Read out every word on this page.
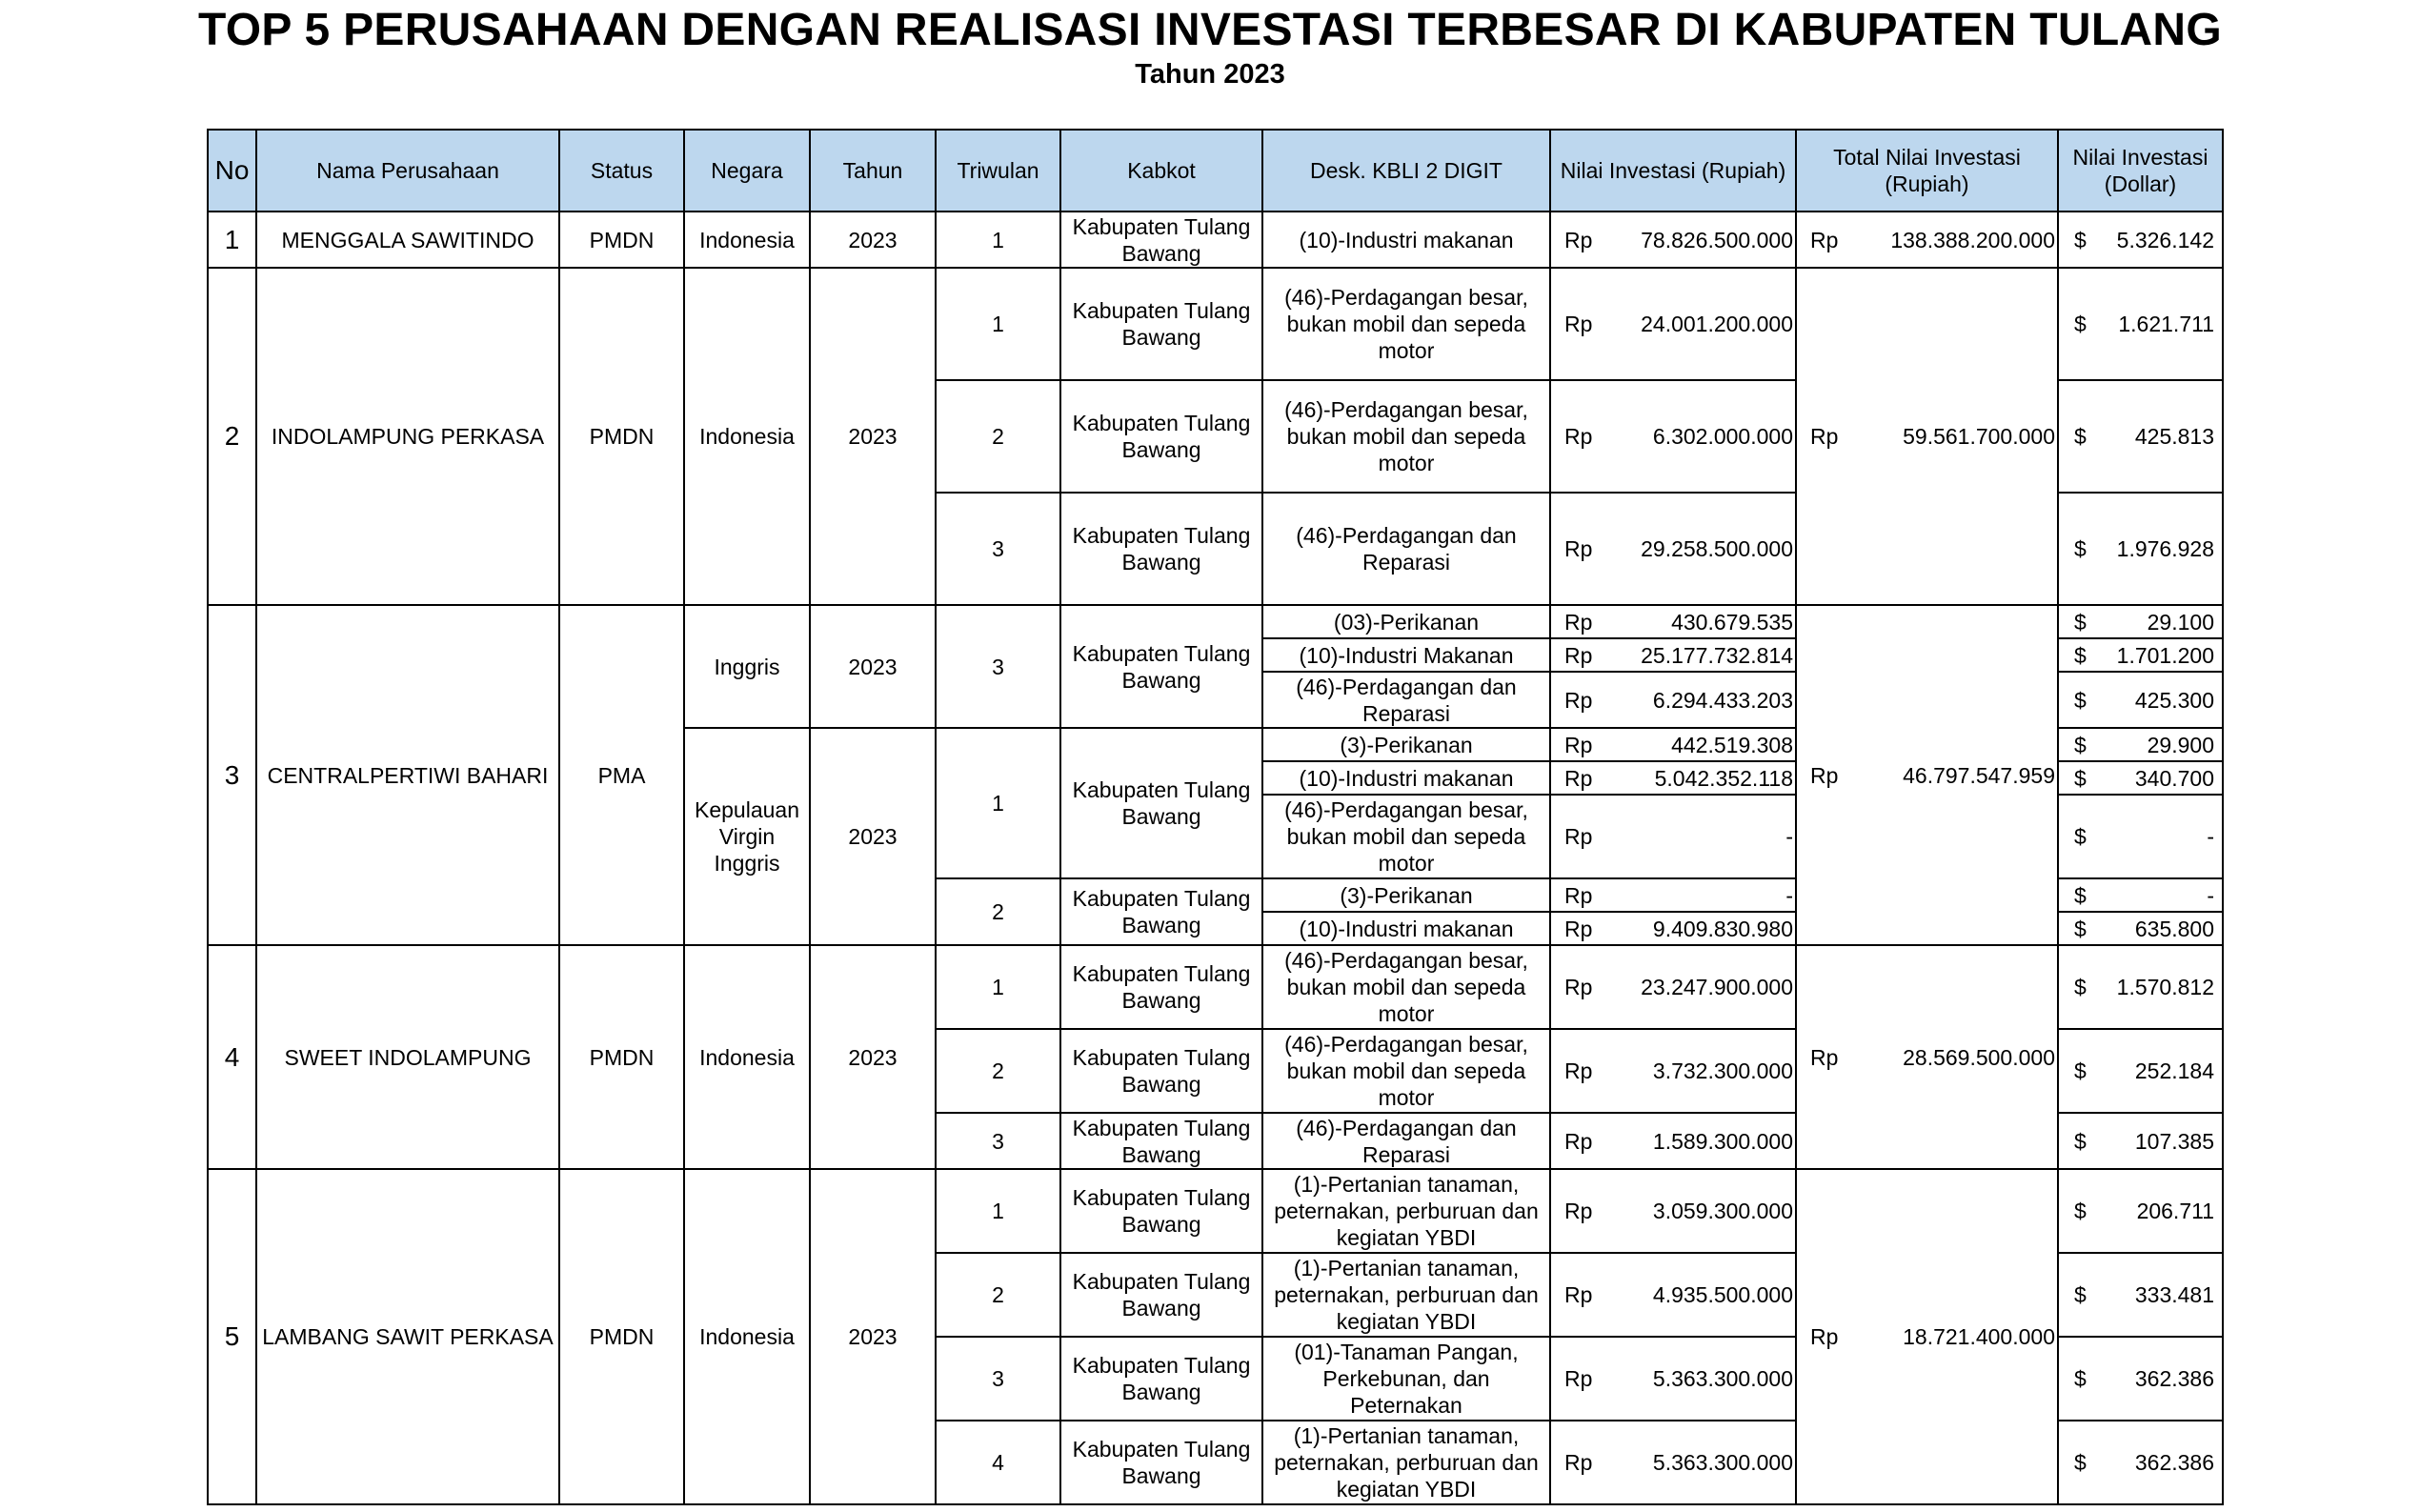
TOP 5 PERUSAHAAN DENGAN REALISASI INVESTASI TERBESAR DI KABUPATEN TULANG
Tahun 2023
No	Nama Perusahaan	Status	Negara	Tahun	Triwulan	Kabkot	Desk. KBLI 2 DIGIT	Nilai Investasi (Rupiah)	Total Nilai Investasi (Rupiah)	Nilai Investasi (Dollar)
1	MENGGALA SAWITINDO	PMDN	Indonesia	2023	1	Kabupaten Tulang Bawang	(10)-Industri makanan	Rp 78.826.500.000	Rp 138.388.200.000	$ 5.326.142

2	INDOLAMPUNG PERKASA	PMDN	Indonesia	2023	1	Kabupaten Tulang Bawang	(46)-Perdagangan besar, bukan mobil dan sepeda motor	Rp 24.001.200.000	Rp 59.561.700.000	$ 1.621.711

					2	Kabupaten Tulang Bawang	(46)-Perdagangan besar, bukan mobil dan sepeda motor	Rp 6.302.000.000		$ 425.813

					3	Kabupaten Tulang Bawang	(46)-Perdagangan dan Reparasi	Rp 29.258.500.000		$ 1.976.928

3	CENTRALPERTIWI BAHARI	PMA	Inggris	2023	3	Kabupaten Tulang Bawang	(03)-Perikanan	Rp 430.679.535	Rp 46.797.547.959	$ 29.100

							(10)-Industri Makanan	Rp 25.177.732.814		$ 1.701.200

							(46)-Perdagangan dan Reparasi	Rp 6.294.433.203		$ 425.300

			Kepulauan Virgin Inggris	2023	1	Kabupaten Tulang Bawang	(3)-Perikanan	Rp 442.519.308		$ 29.900

							(10)-Industri makanan	Rp 5.042.352.118		$ 340.700

							(46)-Perdagangan besar, bukan mobil dan sepeda motor	Rp -		$ -

					2	Kabupaten Tulang Bawang	(3)-Perikanan	Rp -		$ -

							(10)-Industri makanan	Rp 9.409.830.980		$ 635.800

4	SWEET INDOLAMPUNG	PMDN	Indonesia	2023	1	Kabupaten Tulang Bawang	(46)-Perdagangan besar, bukan mobil dan sepeda motor	Rp 23.247.900.000	Rp 28.569.500.000	$ 1.570.812

					2	Kabupaten Tulang Bawang	(46)-Perdagangan besar, bukan mobil dan sepeda motor	Rp 3.732.300.000		$ 252.184

					3	Kabupaten Tulang Bawang	(46)-Perdagangan dan Reparasi	Rp 1.589.300.000		$ 107.385

5	LAMBANG SAWIT PERKASA	PMDN	Indonesia	2023	1	Kabupaten Tulang Bawang	(1)-Pertanian tanaman, peternakan, perburuan dan kegiatan YBDI	Rp 3.059.300.000	Rp 18.721.400.000	$ 206.711

					2	Kabupaten Tulang Bawang	(1)-Pertanian tanaman, peternakan, perburuan dan kegiatan YBDI	Rp 4.935.500.000		$ 333.481

					3	Kabupaten Tulang Bawang	(01)-Tanaman Pangan, Perkebunan, dan Peternakan	Rp 5.363.300.000		$ 362.386

					4	Kabupaten Tulang Bawang	(1)-Pertanian tanaman, peternakan, perburuan dan kegiatan YBDI	Rp 5.363.300.000		$ 362.386
